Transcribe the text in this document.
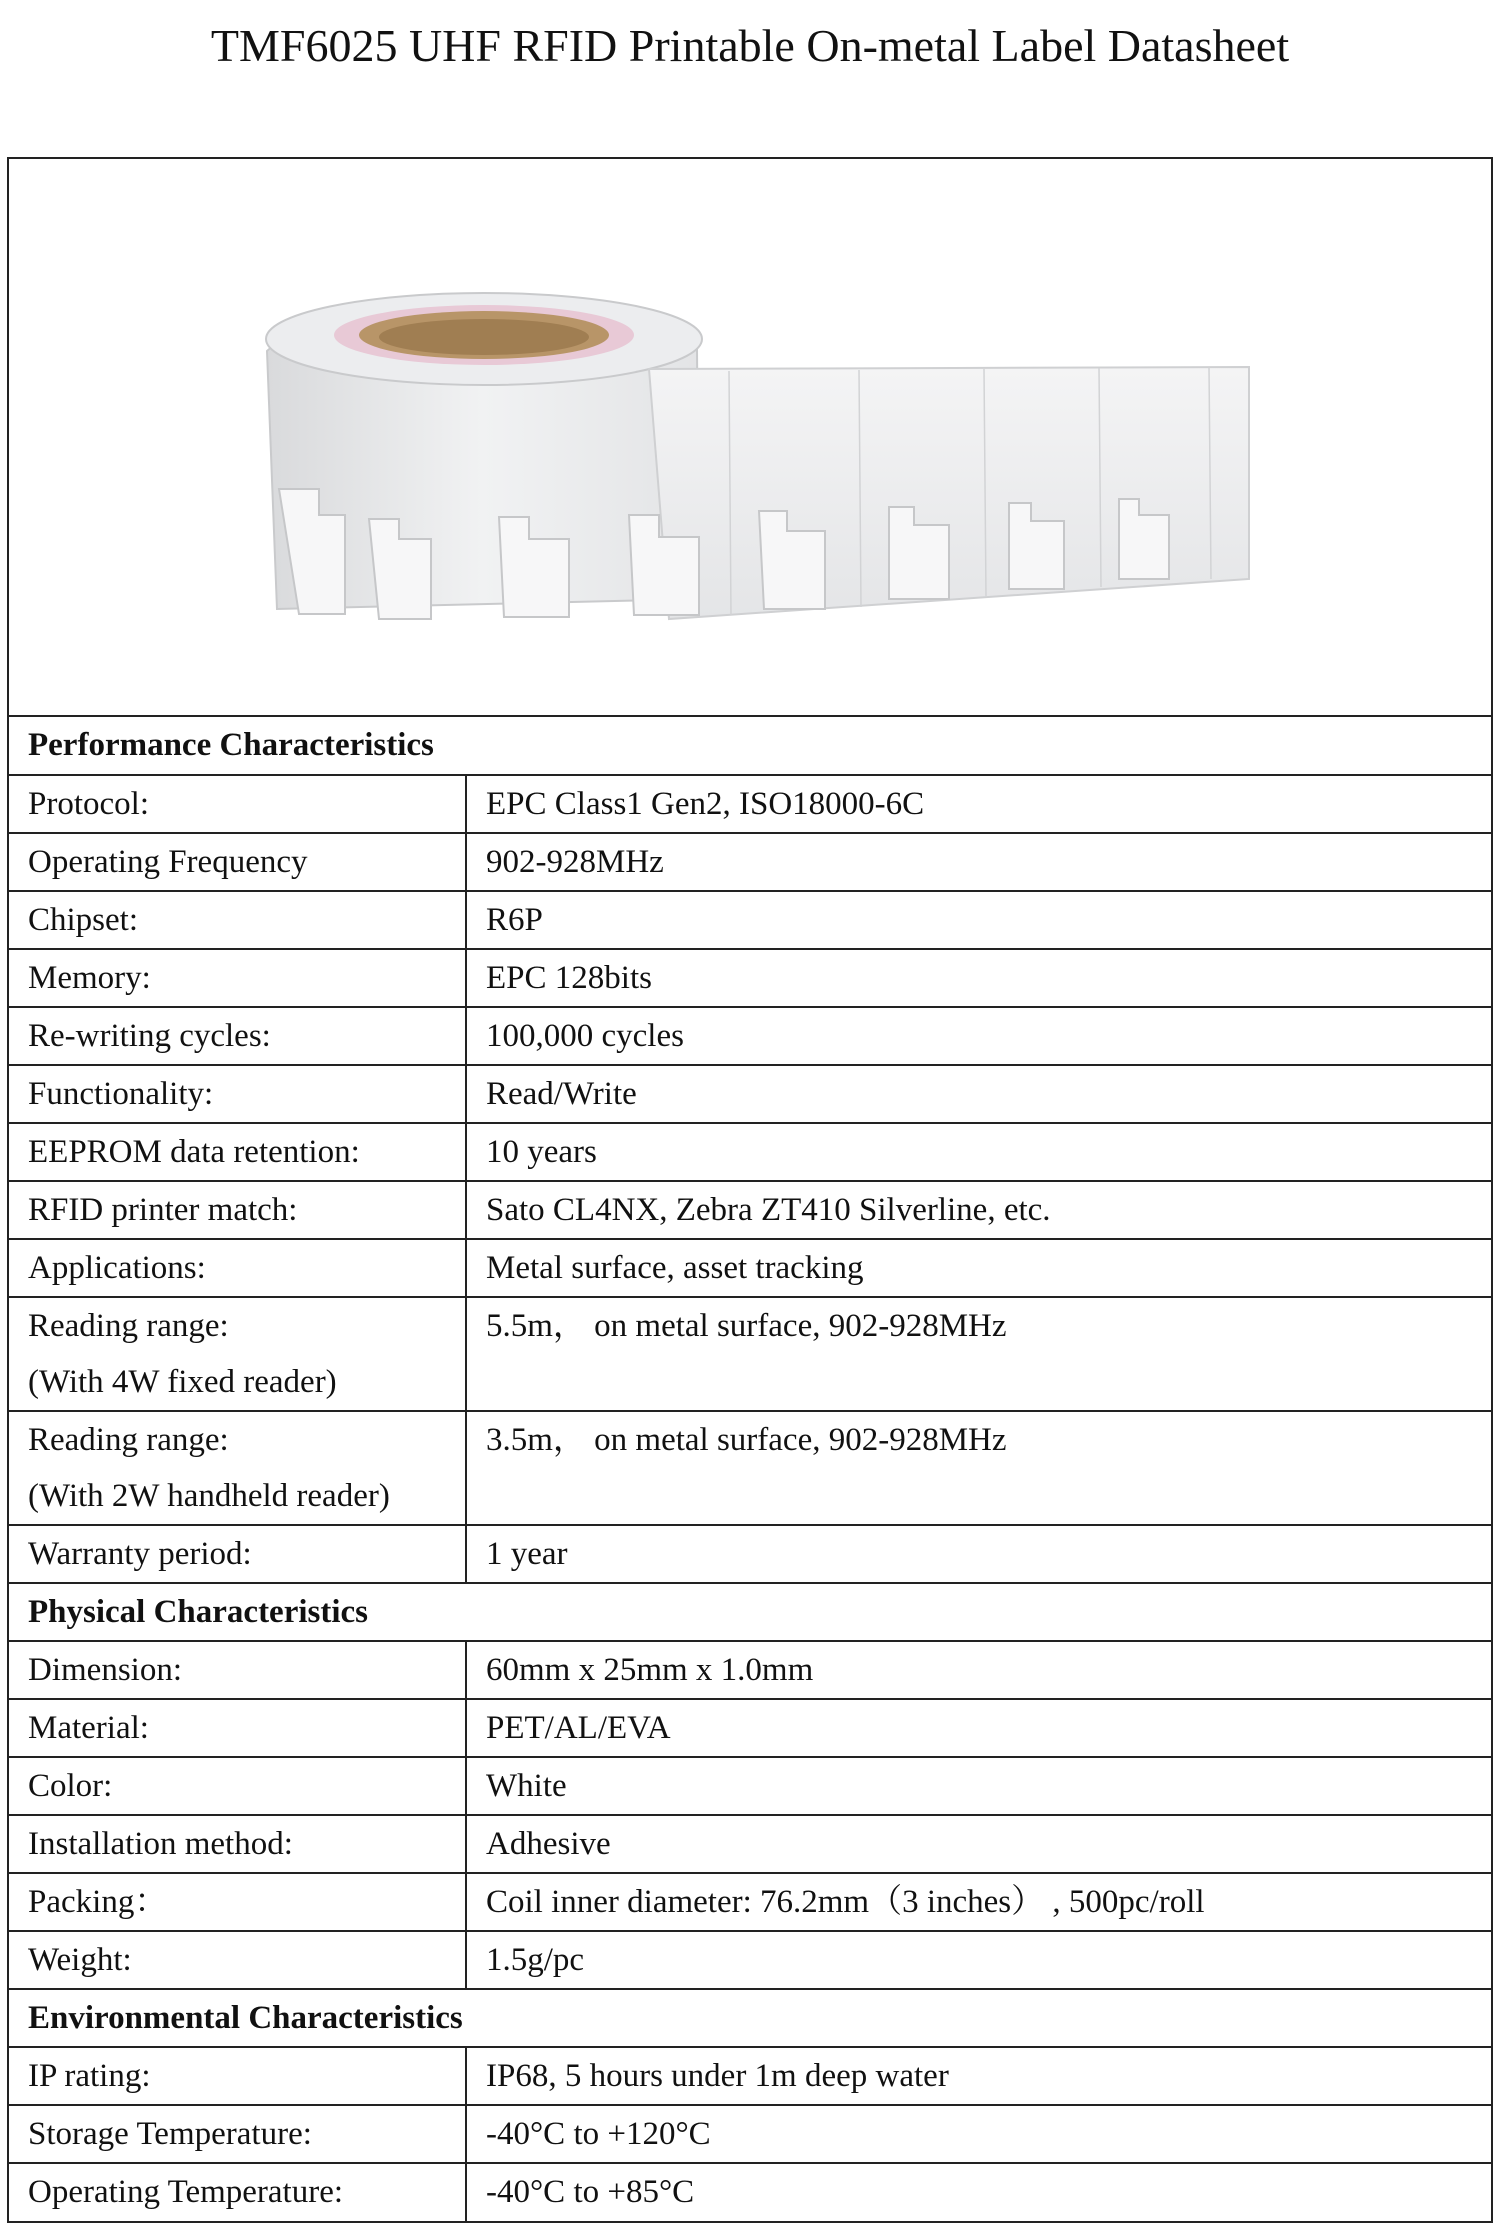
TMF6025 UHF RFID Printable On-metal Label Datasheet
Performance Characteristics	

Protocol:	EPC Class1 Gen2, ISO18000-6C

Operating Frequency	902-928MHz

Chipset:	R6P

Memory:	EPC 128bits

Re-writing cycles:	100,000 cycles

Functionality:	Read/Write

EEPROM data retention:	10 years

RFID printer match:	Sato CL4NX, Zebra ZT410 Silverline, etc.

Applications:	Metal surface, asset tracking

Reading range:
(With 4W fixed reader)	5.5m， on metal surface, 902-928MHz

Reading range:
(With 2W handheld reader)	3.5m， on metal surface, 902-928MHz

Warranty period:	1 year
Physical Characteristics	

Dimension:	60mm x 25mm x 1.0mm

Material:	PET/AL/EVA

Color:	White

Installation method:	Adhesive

Packing：	Coil inner diameter: 76.2mm（3 inches） , 500pc/roll

Weight:	1.5g/pc
Environmental Characteristics	

IP rating:	IP68, 5 hours under 1m deep water

Storage Temperature:	-40°C to +120°C

Operating Temperature:	-40°C to +85°C
